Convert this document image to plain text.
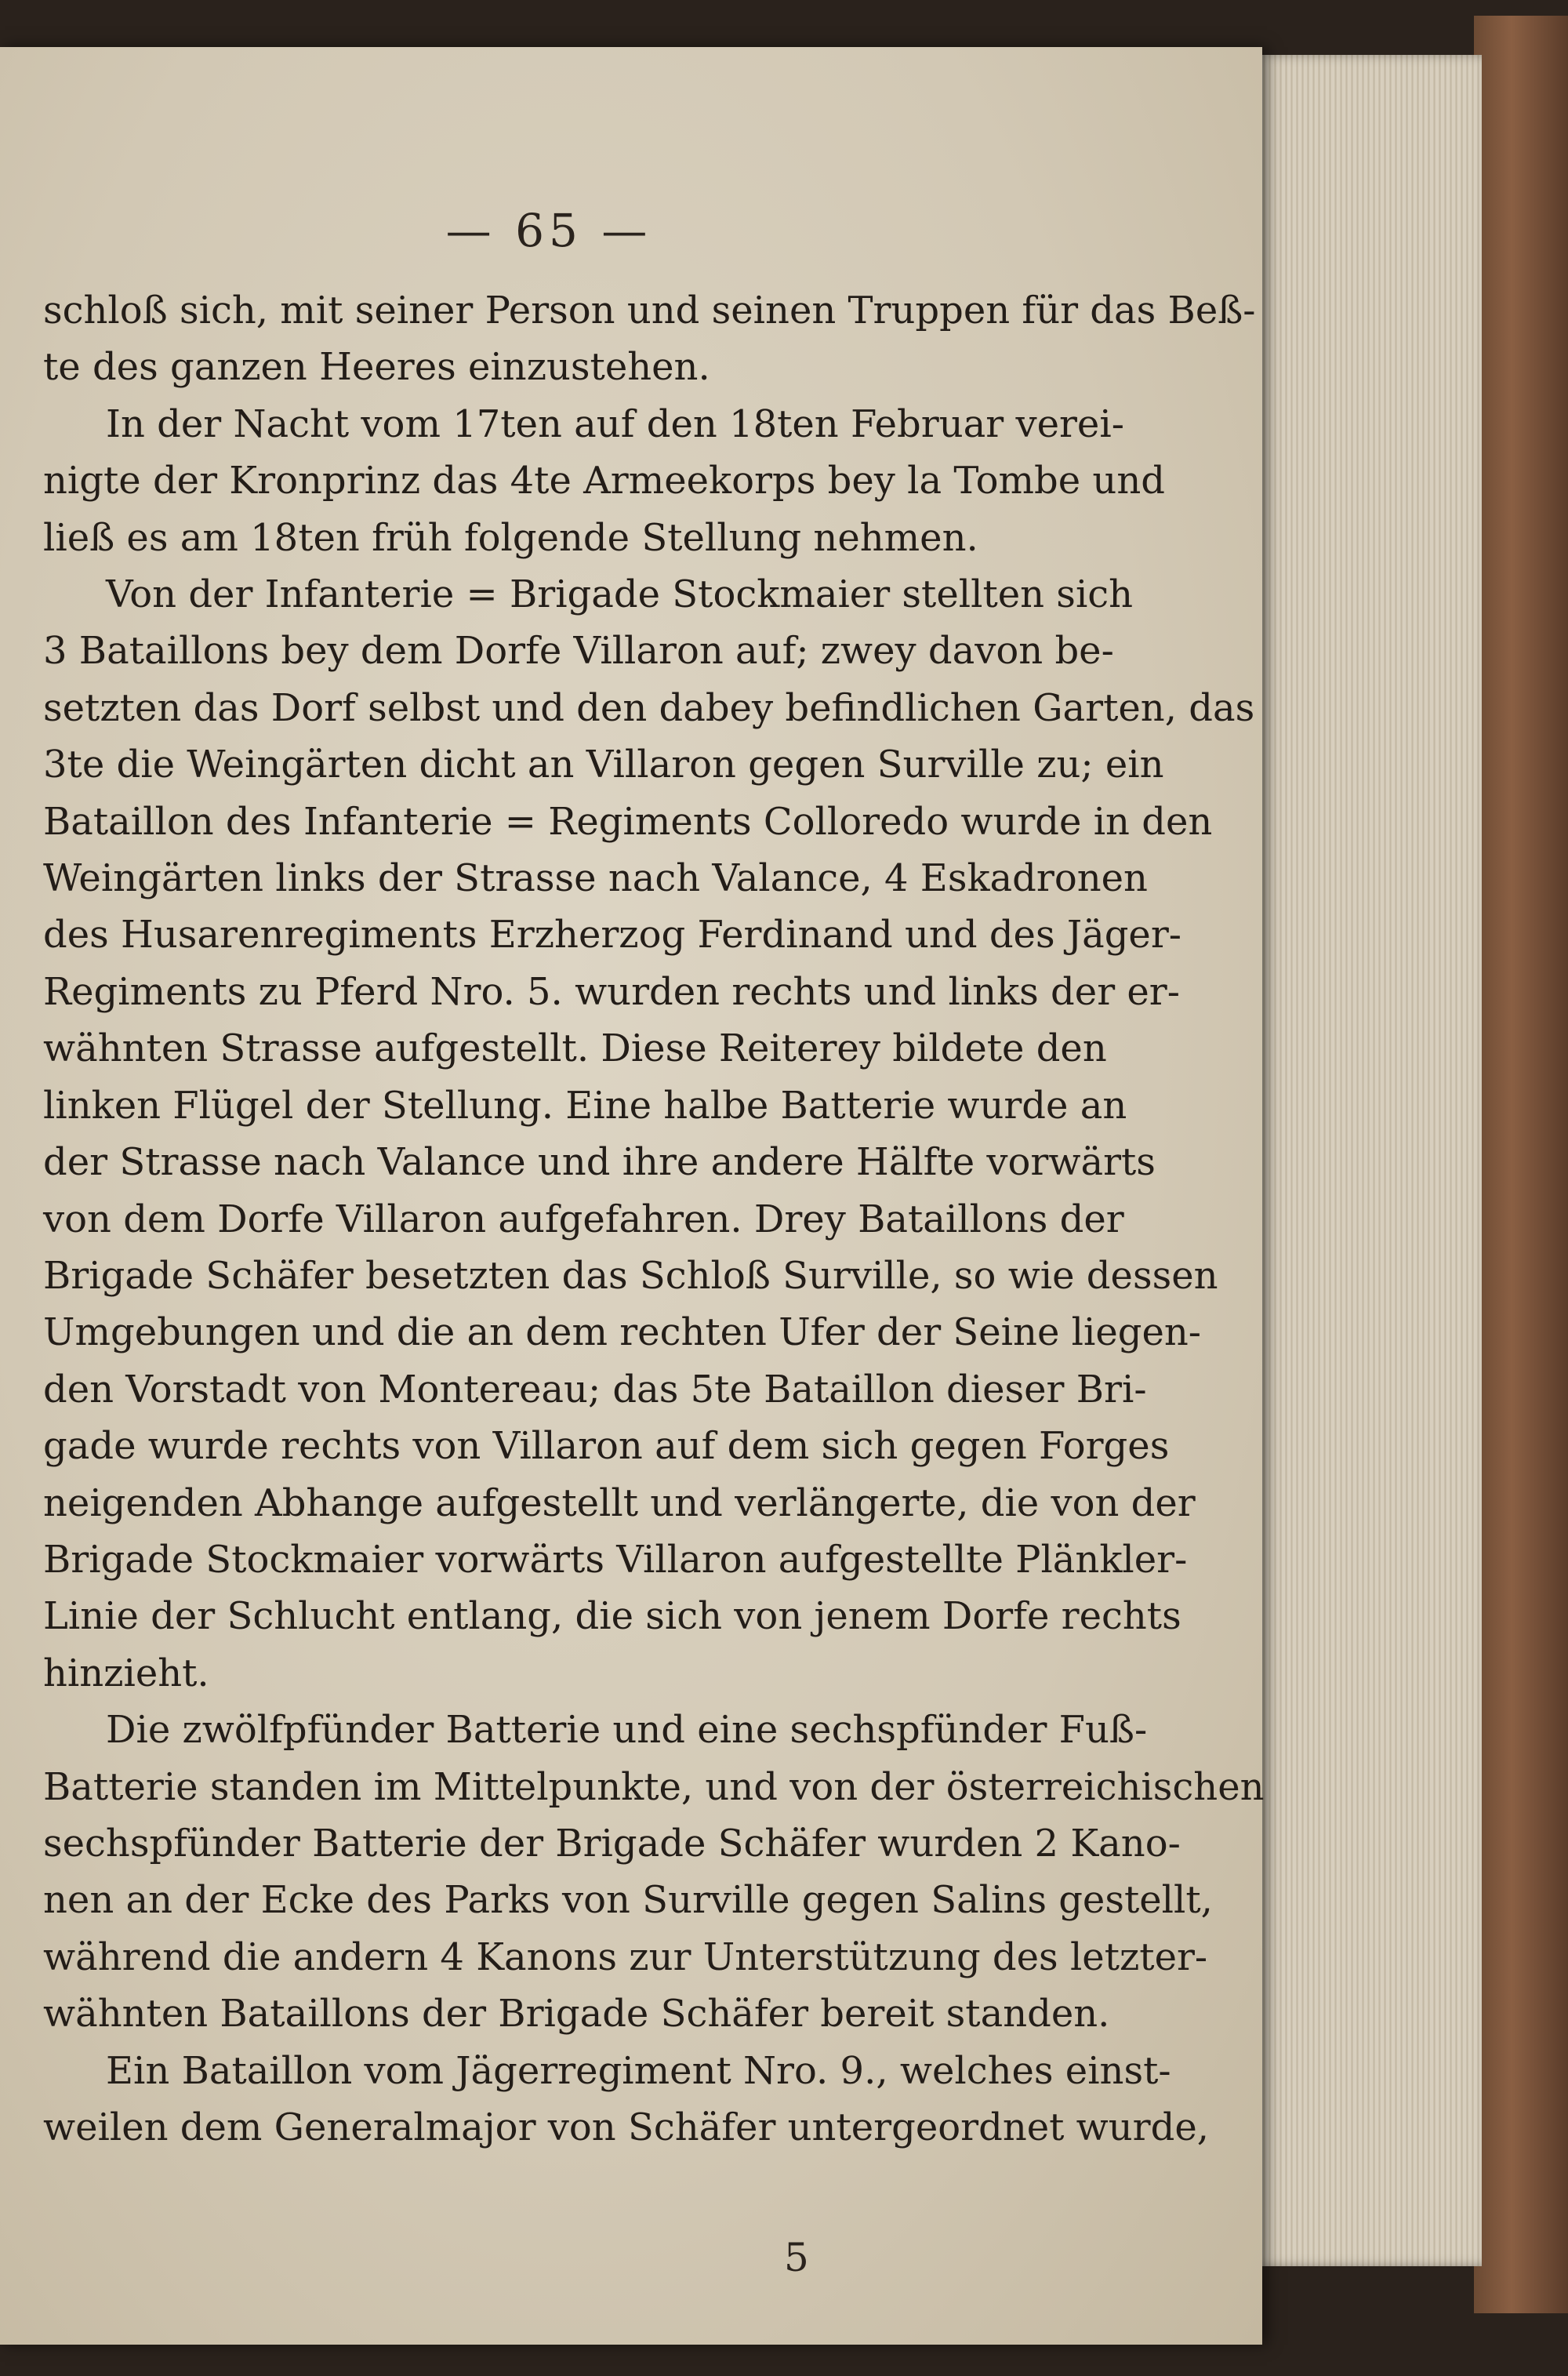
— 65 —
schloß sich, mit seiner Person und seinen Truppen für das Beß-
te des ganzen Heeres einzustehen.
In der Nacht vom 17ten auf den 18ten Februar verei-
nigte der Kronprinz das 4te Armeekorps bey la Tombe und
ließ es am 18ten früh folgende Stellung nehmen.
Von der Infanterie = Brigade Stockmaier stellten sich
3 Bataillons bey dem Dorfe Villaron auf; zwey davon be-
setzten das Dorf selbst und den dabey befindlichen Garten, das
3te die Weingärten dicht an Villaron gegen Surville zu; ein
Bataillon des Infanterie = Regiments Colloredo wurde in den
Weingärten links der Strasse nach Valance, 4 Eskadronen
des Husarenregiments Erzherzog Ferdinand und des Jäger-
Regiments zu Pferd Nro. 5. wurden rechts und links der er-
wähnten Strasse aufgestellt. Diese Reiterey bildete den
linken Flügel der Stellung. Eine halbe Batterie wurde an
der Strasse nach Valance und ihre andere Hälfte vorwärts
von dem Dorfe Villaron aufgefahren. Drey Bataillons der
Brigade Schäfer besetzten das Schloß Surville, so wie dessen
Umgebungen und die an dem rechten Ufer der Seine liegen-
den Vorstadt von Montereau; das 5te Bataillon dieser Bri-
gade wurde rechts von Villaron auf dem sich gegen Forges
neigenden Abhange aufgestellt und verlängerte, die von der
Brigade Stockmaier vorwärts Villaron aufgestellte Plänkler-
Linie der Schlucht entlang, die sich von jenem Dorfe rechts
hinzieht.
Die zwölfpfünder Batterie und eine sechspfünder Fuß-
Batterie standen im Mittelpunkte, und von der österreichischen
sechspfünder Batterie der Brigade Schäfer wurden 2 Kano-
nen an der Ecke des Parks von Surville gegen Salins gestellt,
während die andern 4 Kanons zur Unterstützung des letzter-
wähnten Bataillons der Brigade Schäfer bereit standen.
Ein Bataillon vom Jägerregiment Nro. 9., welches einst-
weilen dem Generalmajor von Schäfer untergeordnet wurde,
5
